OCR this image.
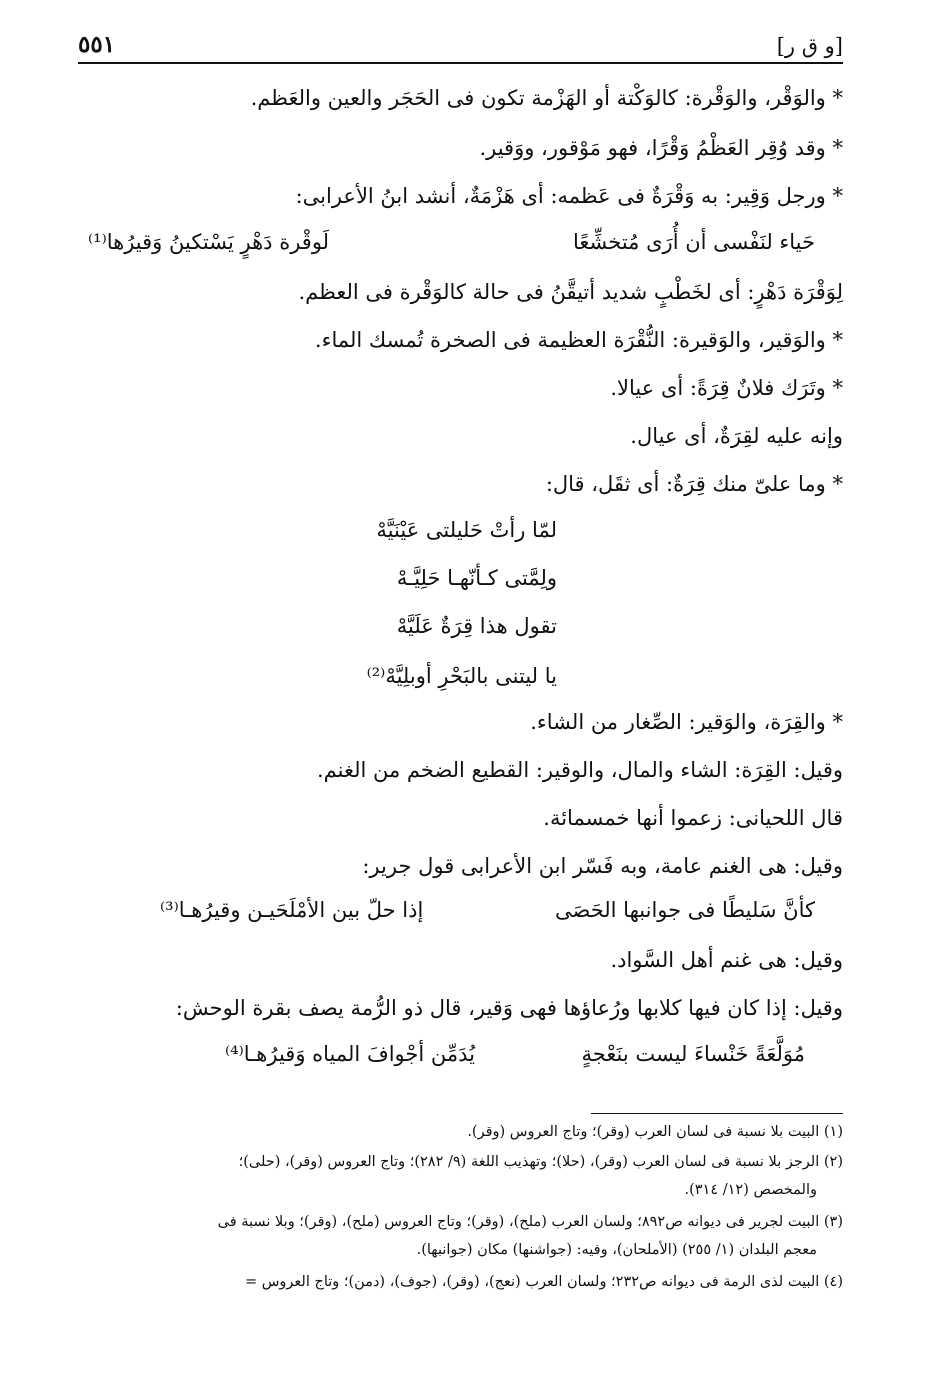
[و ق ر]
٥٥١
* والوَقْر، والوَقْرة: كالوَكْتة أو الهَزْمة تكون فى الحَجَر والعين والعَظم.
* وقد وُقِر العَظْمُ وَقْرًا، فهو مَوْقور، ووَقير.
* ورجل وَقِير: به وَقْرَةٌ فى عَظمه: أى هَزْمَةٌ، أنشد ابنُ الأعرابى:
حَياء لنَفْسى أن أُرَى مُتخشِّعًا
لَوقْرة دَهْرٍ يَسْتكينُ وَقيرُها⁽¹⁾
لِوَقْرَة دَهْرٍ: أى لخَطْبٍ شديد أتيقَّنُ فى حالة كالوَقْرة فى العظم.
* والوَقير، والوَقيرة: النُّقْرَة العظيمة فى الصخرة تُمسك الماء.
* وتَرَك فلانٌ قِرَةً: أى عيالا.
وإنه عليه لقِرَةٌ، أى عيال.
* وما علىّ منك قِرَةٌ: أى ثقَل، قال:
لمّا رأتْ حَليلتى عَيْنَيَّهْ
ولِمَّتى كـأنّهـا حَلِيَّـهْ
تقول هذا قِرَةٌ عَلَيَّهْ
يا ليتنى بالبَحْرِ أوبلِيَّهْ⁽²⁾
* والقِرَة، والوَقير: الصِّغار من الشاء.
وقيل: القِرَة: الشاء والمال، والوقير: القطيع الضخم من الغنم.
قال اللحيانى: زعموا أنها خمسمائة.
وقيل: هى الغنم عامة، وبه فَسّر ابن الأعرابى قول جرير:
كأنَّ سَليطًا فى جوانبها الحَصَى
إذا حلّ بين الأمْلَحَيـن وقيرُهـا⁽³⁾
وقيل: هى غنم أهل السَّواد.
وقيل: إذا كان فيها كلابها ورُعاؤها فهى وَقير، قال ذو الرُّمة يصف بقرة الوحش:
مُوَلَّعَةً خَنْساءَ ليست بنَعْجةٍ
يُدَمِّن أجْوافَ المياه وَقيرُهـا⁽⁴⁾
(١) البيت بلا نسبة فى لسان العرب (وقر)؛ وتاج العروس (وقر).
(٢) الرجز بلا نسبة فى لسان العرب (وقر)، (حلا)؛ وتهذيب اللغة (٩/ ٢٨٢)؛ وتاج العروس (وقر)، (حلى)؛
والمخصص (١٢/ ٣١٤).
(٣) البيت لجرير فى ديوانه ص٨٩٢؛ ولسان العرب (ملح)، (وقر)؛ وتاج العروس (ملح)، (وقر)؛ وبلا نسبة فى
معجم البلدان (١/ ٢٥٥) (الأملحان)، وفيه: (جواشنها) مكان (جوانبها).
(٤) البيت لذى الرمة فى ديوانه ص٢٣٢؛ ولسان العرب (نعج)، (وقر)، (جوف)، (دمن)؛ وتاج العروس =
